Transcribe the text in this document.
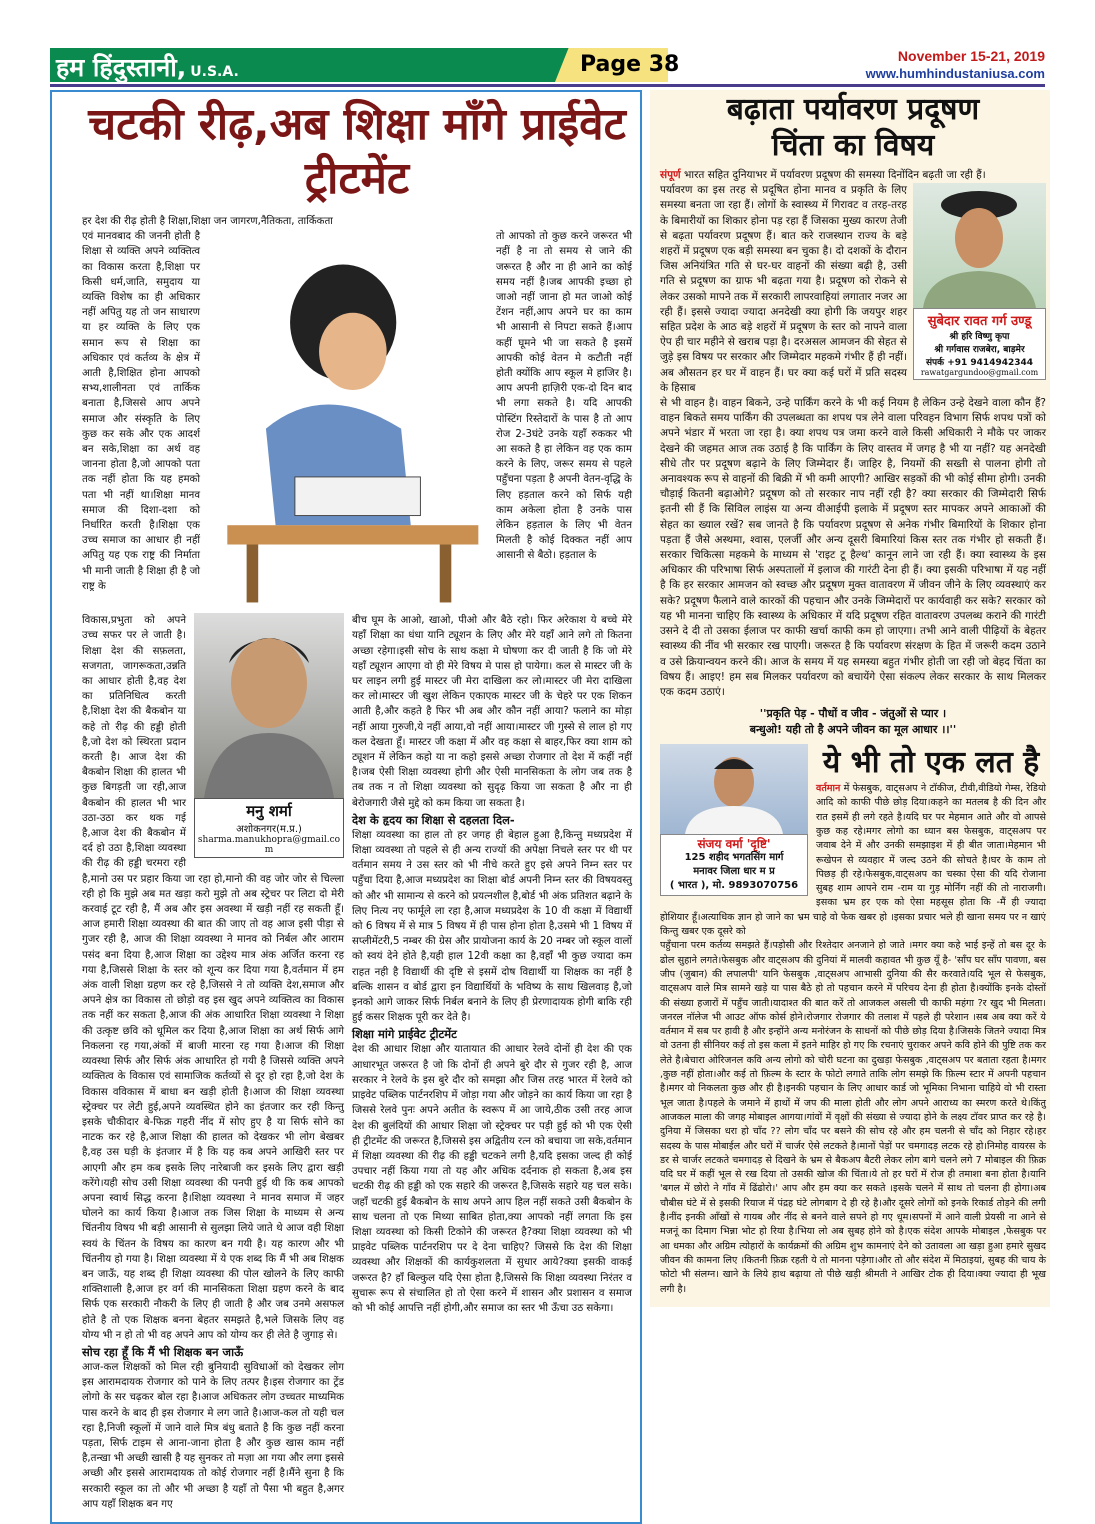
हम हिंदुस्तानी, U.S.A.	Page 38	November 15-21, 2019
www.humhindustaniusa.com
चटकी रीढ़,अब शिक्षा माँगे प्राईवेट ट्रीटमेंट
हर देश की रीढ़ होती है शिक्षा,शिक्षा जन जागरण,नैतिकता, तार्किकता
एवं मानवबाद की जननी होती है शिक्षा से व्यक्ति अपने व्यक्तित्व का विकास करता है,शिक्षा पर किसी धर्म,जाति, समुदाय या व्यक्ति विशेष का ही अधिकार नहीं अपितु यह तो जन साधारण या हर व्यक्ति के लिए एक समान रूप से शिक्षा का अधिकार एवं कर्तव्य के क्षेत्र में आती है,शिक्षित होना आपको सभ्य,शालीनता एवं तार्किक बनाता है,जिससे आप अपने समाज और संस्कृति के लिए कुछ कर सके और एक आदर्श बन सके,शिक्षा का अर्थ वह जानना होता है,जो आपको पता तक नहीं होता कि यह हमको पता भी नहीं था।शिक्षा मानव समाज की दिशा-दशा को निर्धारित करती है।शिक्षा एक उच्च समाज का आधार ही नहीं अपितु यह एक राष्ट्र की निर्माता भी मानी जाती है शिक्षा ही है जो राष्ट्र के
तो आपको तो कुछ करने जरूरत भी नहीं है ना तो समय से जाने की जरूरत है और ना ही आने का कोई समय नहीं है।जब आपकी इच्छा हो जाओ नहीं जाना हो मत जाओ कोई टेंशन नहीं,आप अपने घर का काम भी आसानी से निपटा सकते हैं।आप कहीं घूमने भी जा सकते है इसमें आपकी कोई वेतन मे कटौती नहीं होती क्योंकि आप स्कूल मे हाजिर है। आप अपनी हाज़िरी एक-दो दिन बाद भी लगा सकते है। यदि आपकी पोस्टिंग रिस्तेदारों के पास है तो आप रोज 2-3घंटे उनके यहाँ रुककर भी आ सकते है हा लेकिन वह एक काम करने के लिए, जरूर समय से पहले पहुँचना पड़ता है अपनी वेतन-वृद्धि के लिए हड़ताल करने को सिर्फ यही काम अकेला होता है उनके पास लेकिन हड़ताल के लिए भी वेतन मिलती है कोई दिक्कत नहीं आप आसानी से बैठो। हड़ताल के
मनु शर्मा
अशोकनगर(म.प्र.)
sharma.manukhopra@gmail.com
विकास,प्रभुता को अपने उच्च सफर पर ले जाती है।शिक्षा देश की सफ़लता, सजगता, जागरूकता,उन्नति का आधार होती है,वह देश का प्रतिनिधित्व करती है,शिक्षा देश की बैकबोन या कहे तो रीढ़ की हड्डी होती है,जो देश को स्थिरता प्रदान करती है। आज देश की बैकबोन शिक्षा की हालत भी कुछ बिगड़ती जा रही,आज बैकबोन की हालत भी भार उठा-उठा कर थक गई है,आज देश की बैकबोन में दर्द हो उठा है,शिक्षा व्यवस्था की रीढ़ की हड्डी चरमरा रही है,मानो उस पर प्रहार किया जा रहा हो,मानो की वह जोर जोर से चिल्ला रही हो कि मुझे अब मत खड़ा करो मुझे तो अब स्ट्रेचर पर लिटा दो मेरी करवाई टूट रही है, मैं अब और इस अवस्था में खड़ी नहीं रह सकती हूँ।आज हमारी शिक्षा व्यवस्था की बात की जाए तो वह आज इसी पीड़ा से गुजर रही है, आज की शिक्षा व्यवस्था ने मानव को निर्बल और आराम पसंद बना दिया है,आज शिक्षा का उद्देश्य मात्र अंक अर्जित करना रह गया है,जिससे शिक्षा के स्तर को शून्य कर दिया गया है,वर्तमान में हम अंक वाली शिक्षा ग्रहण कर रहे है,जिससे ने तो व्यक्ति देश,समाज और अपने क्षेत्र का विकास तो छोड़ो वह इस खुद अपने व्यक्तित्व का विकास तक नहीं कर सकता है,आज की अंक आधारित शिक्षा व्यवस्था ने शिक्षा की उत्कृष्ट छवि को धूमिल कर दिया है,आज शिक्षा का अर्थ सिर्फ आगे निकलना रह गया,अंकों में बाजी मारना रह गया है।आज की शिक्षा व्यवस्था सिर्फ और सिर्फ अंक आधारित हो गयी है जिससे व्यक्ति अपने व्यक्तित्व के विकास एवं सामाजिक कर्तव्यों से दूर हो रहा है,जो देश के विकास वविकास में बाधा बन खड़ी होती है।आज की शिक्षा व्यवस्था स्ट्रेक्चर पर लेटी हुई,अपने व्यवस्थित होने का इंतजार कर रही किन्तु इसके चौकीदार बे-फिक्र गहरी नींद में सोए हुए है या सिर्फ सोने का नाटक कर रहे है,आज शिक्षा की हालत को देखकर भी लोग बेखबर है,वह उस घड़ी के इंतजार में है कि यह कब अपने आखिरी स्तर पर आएगी और हम कब इसके लिए नारेबाजी कर इसके लिए द्वारा खड़ी करेंगे।यही सोच उसी शिक्षा व्यवस्था की पनपी हुई थी कि कब आपको अपना स्वार्थ सिद्ध करना है।शिक्षा व्यवस्था ने मानव समाज में जहर घोलने का कार्य किया है।आज तक जिस शिक्षा के माध्यम से अन्य चिंतनीय विषय भी बड़ी आसानी से सुलझा लिये जाते थे आज वही शिक्षा स्वयं के चिंतन के विषय का कारण बन गयी है। यह कारण और भी चिंतनीय हो गया है। शिक्षा व्यवस्था में ये एक शब्द कि मैं भी अब शिक्षक बन जाऊँ, यह शब्द ही शिक्षा व्यवस्था की पोल खोलने के लिए काफी शक्तिशाली है,आज हर वर्ग की मानसिकता शिक्षा ग्रहण करने के बाद सिर्फ एक सरकारी नौकरी के लिए ही जाती है और जब उनमे असफल होते है तो एक शिक्षक बनना बेहतर समझते है,भले जिसके लिए वह योग्य भी न हो तो भी वह अपने आप को योग्य कर ही लेते है जुगाड़ से।
सोच रहा हूँ कि मैं भी शिक्षक बन जाऊँ
आज-कल शिक्षकों को मिल रही बुनियादी सुविधाओं को देखकर लोग इस आरामदायक रोजगार को पाने के लिए तत्पर है।इस रोजगार का ट्रेंड लोगो के सर चढ़कर बोल रहा है।आज अधिकतर लोग उच्चतर माध्यमिक पास करने के बाद ही इस रोजगार मे लग जाते है।आज-कल तो यही चल रहा है,निजी स्कूलों में जाने वाले मित्र बंधु बताते है कि कुछ नहीं करना पड़ता, सिर्फ टाइम से आना-जाना होता है और कुछ खास काम नहीं है,तन्खा भी अच्छी खासी है यह सुनकर तो मज़ा आ गया और लगा इससे अच्छी और इससे आरामदायक तो कोई रोजगार नहीं है।मैंने सुना है कि सरकारी स्कूल का तो और भी अच्छा है यहाँ तो पैसा भी बहुत है,अगर आप यहाँ शिक्षक बन गए
बीच घूम के आओ, खाओ, पीओ और बैठे रहो। फिर अरेकाश ये बच्चे मेरे यहाँ शिक्षा का धंधा यानि ट्यूशन के लिए और मेरे यहाँ आने लगे तो कितना अच्छा रहेगा।इसी सोच के साथ कक्षा मे घोषणा कर दी जाती है कि जो मेरे यहाँ ट्यूशन आएगा वो ही मेरे विषय मे पास हो पायेगा। कल से मास्टर जी के घर लाइन लगी हुई मास्टर जी मेरा दाखिला कर लो।मास्टर जी मेरा दाखिला कर लो।मास्टर जी खुश लेकिन एकाएक मास्टर जी के चेहरे पर एक शिकन आती है,और कहते है फिर भी अब और कौन नहीं आया? फलाने का मोड़ा नहीं आया गुरुजी,ये नहीं आया,वो नहीं आया।मास्टर जी गुस्से से लाल हो गए कल देखता हूँ। मास्टर जी कक्षा में और वह कक्षा से बाहर,फिर क्या शाम को ट्यूशन में लेकिन कहो या ना कहो इससे अच्छा रोजगार तो देश में कहीं नहीं है।जब ऐसी शिक्षा व्यवस्था होगी और ऐसी मानसिकता के लोग जब तक है तब तक न तो शिक्षा व्यवस्था को सुदृढ़ किया जा सकता है और ना ही बेरोजगारी जैसे मुद्दे को कम किया जा सकता है।
देश के हृदय का शिक्षा से दहलता दिल-
शिक्षा व्यवस्था का हाल तो हर जगह ही बेहाल हुआ है,किन्तु मध्यप्रदेश में शिक्षा व्यवस्था तो पहले से ही अन्य राज्यों की अपेक्षा निचले स्तर पर थी पर वर्तमान समय ने उस स्तर को भी नीचे करते हुए इसे अपने निम्न स्तर पर पहुँचा दिया है,आज मध्यप्रदेश का शिक्षा बोर्ड अपनी निम्न स्तर की विषयवस्तु को और भी सामान्य से करने को प्रयत्नशील है,बोर्ड भी अंक प्रतिशत बढ़ाने के लिए नित्य नए फार्मूले ला रहा है,आज मध्यप्रदेश के 10 वी कक्षा में विद्यार्थी को 6 विषय में से मात्र 5 विषय में ही पास होना होता है,उसमे भी 1 विषय में सप्लीमेंटरी,5 नम्बर की ग्रेस और प्रायोजना कार्य के 20 नम्बर जो स्कूल वालों को स्वयं देने होते है,यही हाल 12वी कक्षा का है,वहाँ भी कुछ ज्यादा कम राहत नही है विद्यार्थी की दृष्टि से इसमें दोष विद्यार्थी या शिक्षक का नहीं है बल्कि शासन व बोर्ड द्वारा इन विद्यार्थियों के भविष्य के साथ खिलवाड़ है,जो इनको आगे जाकर सिर्फ निर्बल बनाने के लिए ही प्रेरणादायक होगी बाकि रही हुई कसर शिक्षक पूरी कर देते है।
शिक्षा मांगे प्राईवेट ट्रीटमेंट
देश की आधार शिक्षा और यातायात की आधार रेलवे दोनों ही देश की एक आधारभूत जरूरत है जो कि दोनों ही अपने बुरे दौर से गुजर रही है, आज सरकार ने रेलवे के इस बुरे दौर को समझा और जिस तरह भारत में रेलवे को प्राइवेट पब्लिक पार्टनरशिप में जोड़ा गया और जोड़ने का कार्य किया जा रहा है जिससे रेलवे पुनः अपने अतीत के स्वरूप में आ जाये,ठीक उसी तरह आज देश की बुलंदियों की आधार शिक्षा जो स्ट्रेक्चर पर पड़ी हुई को भी एक ऐसी ही ट्रीटमेंट की जरूरत है,जिससे इस अद्वितीय रत्न को बचाया जा सके,वर्तमान में शिक्षा व्यवस्था की रीढ़ की हड्डी चटकने लगी है,यदि इसका जल्द ही कोई उपचार नहीं किया गया तो यह और अधिक दर्दनाक हो सकता है,अब इस चटकी रीढ़ की हड्डी को एक सहारे की जरूरत है,जिसके सहारे यह चल सके।जहाँ चटकी हुई बैकबोन के साथ अपने आप हिल नहीं सकते उसी बैकबोन के साथ चलना तो एक मिथ्या साबित होता,क्या आपको नहीं लगता कि इस शिक्षा व्यवस्था को किसी टिकोने की जरूरत है?क्या शिक्षा व्यवस्था को भी प्राइवेट पब्लिक पार्टनरशिप पर दे देना चाहिए? जिससे कि देश की शिक्षा व्यवस्था और शिक्षकों की कार्यकुशलता में सुधार आये?क्या इसकी वाकई जरूरत है? हाँ बिल्कुल यदि ऐसा होता है,जिससे कि शिक्षा व्यवस्था निरंतर व सुचारू रूप से संचालित हो तो ऐसा करने में शासन और प्रशासन व समाज को भी कोई आपत्ति नहीं होगी,और समाज का स्तर भी ऊँचा उठ सकेगा।
बढ़ाता पर्यावरण प्रदूषण
चिंता का विषय
संपूर्ण भारत सहित दुनियाभर में पर्यावरण प्रदूषण की समस्या दिनोंदिन बढ़ती जा रही हैं।
सुबेदार रावत गर्ग उण्डू
श्री हरि विष्णु कृपा
श्री गर्गवास राजबेरा, बाड़मेर
संपर्क +91 9414942344
rawatgargundoo@gmail.com
पर्यावरण का इस तरह से प्रदूषित होना मानव व प्रकृति के लिए समस्या बनता जा रहा हैं। लोगों के स्वास्थ्य में गिरावट व तरह-तरह के बिमारीयों का शिकार होना पड़ रहा हैं जिसका मुख्य कारण तेजी से बढ़ता पर्यावरण प्रदूषण हैं। बात करे राजस्थान राज्य के बड़े शहरों में प्रदूषण एक बड़ी समस्या बन चुका है। दो दशकों के दौरान जिस अनियंत्रित गति से घर-घर वाहनों की संख्या बढ़ी है, उसी गति से प्रदूषण का ग्राफ भी बढ़ता गया है। प्रदूषण को रोकने से लेकर उसको मापने तक में सरकारी लापरवाहियां लगातार नजर आ रही हैं। इससे ज्यादा ज्यादा अनदेखी क्या होगी कि जयपुर शहर सहित प्रदेश के आठ बड़े शहरों में प्रदूषण के स्तर को नापने वाला ऐप ही चार महीने से खराब पड़ा है। दरअसल आमजन की सेहत से जुड़े इस विषय पर सरकार और जिम्मेदार महकमे गंभीर हैं ही नहीं। अब औसतन हर घर में वाहन हैं। घर क्या कई घरों में प्रति सदस्य के हिसाब
से भी वाहन है। वाहन बिकने, उन्हे पार्किंग करने के भी कई नियम है लेकिन उन्हे देखने वाला कौन हैं? वाहन बिकते समय पार्किंग की उपलब्धता का शपथ पत्र लेने वाला परिवहन विभाग सिर्फ शपथ पत्रों को अपने भंडार में भरता जा रहा है। क्या शपथ पत्र जमा करने वाले किसी अधिकारी ने मौके पर जाकर देखने की जहमत आज तक उठाई है कि पार्किंग के लिए वास्तव में जगह है भी या नहीं? यह अनदेखी सीधे तौर पर प्रदूषण बढ़ाने के लिए जिम्मेदार हैं। जाहिर है, नियमों की सख्ती से पालना होगी तो अनावश्यक रूप से वाहनों की बिक्री में भी कमी आएगी? आखिर सड़कों की भी कोई सीमा होगी। उनकी चौड़ाई कितनी बढ़ाओगे? प्रदूषण को तो सरकार नाप नहीं रही है? क्या सरकार की जिम्मेदारी सिर्फ इतनी सी हैं कि सिविल लाइंस या अन्य वीआईपी इलाके में प्रदूषण स्तर मापकर अपने आकाओं की सेहत का ख्याल रखें? सब जानते है कि पर्यावरण प्रदूषण से अनेक गंभीर बिमारियों के शिकार होना पड़ता हैं जैसे अस्थमा, श्वास, एलर्जी और अन्य दूसरी बिमारियां किस स्तर तक गंभीर हो सकती हैं। सरकार चिकित्सा महकमे के माध्यम से 'राइट टू हैल्थ' कानून लाने जा रही हैं। क्या स्वास्थ्य के इस अधिकार की परिभाषा सिर्फ अस्पतालों में इलाज की गारंटी देना ही हैं। क्या इसकी परिभाषा में यह नहीं है कि हर सरकार आमजन को स्वच्छ और प्रदूषण मुक्त वातावरण में जीवन जीने के लिए व्यवस्थाएं कर सके? प्रदूषण फैलाने वाले कारकों की पहचान और उनके जिम्मेदारों पर कार्यवाही कर सके? सरकार को यह भी मानना चाहिए कि स्वास्थ्य के अधिकार में यदि प्रदूषण रहित वातावरण उपलब्ध कराने की गारंटी उसने दे दी तो उसका ईलाज पर काफी खर्चा काफी कम हो जाएगा। तभी आने वाली पीढ़ियों के बेहतर स्वास्थ्य की नींव भी सरकार रख पाएगी। जरूरत है कि पर्यावरण संरक्षण के हित में जरूरी कदम उठाने व उसे क्रियान्वयन करने की। आज के समय में यह समस्या बहुत गंभीर होती जा रही जो बेहद चिंता का विषय हैं। आइए! हम सब मिलकर पर्यावरण को बचायेंगे ऐसा संकल्प लेकर सरकार के साथ मिलकर एक कदम उठाएं।
''प्रकृति पेड़ - पौधों व जीव - जंतुओं से प्यार ।
बन्धुओ! यही तो है अपने जीवन का मूल आधार ।।''
संजय वर्मा 'दृष्टि'
125 शहीद भगतसिंग मार्ग
मनावर जिला धार म प्र
( भारत ), मो. 9893070756
ये भी तो एक लत है
वर्तमान में फेसबुक, वाट्सअप ने टॉकीज, टीवी,वीडियो गेम्स, रेडियो आदि को काफी पीछे छोड़ दिया।कहने का मतलब है की दिन और रात इसमें ही लगे रहते है।यदि घर पर मेहमान आते और वो आपसे कुछ कह रहे।मगर लोगो का ध्यान बस फेसबुक, वाट्सअप पर जवाब देने में और उनकी समझाइश में ही बीत जाता।मेहमान भी रूखेपन से व्यवहार में जल्द उठने की सोचते है।घर के काम तो पिछड़ ही रहे।फेसबुक,वाट्सअप का चस्का ऐसा की यदि रोजाना सुबह शाम आपने राम -राम या गुड़ मोर्निंग नहीं की तो नाराजगी।इसका भ्रम हर एक को ऐसा महसूस होता कि -मैं ही ज्यादा होशियार हूँ।अत्याधिक ज्ञान हो जाने का भ्रम चाहे वो फेक खबर हो ।इसका प्रचार भले ही खाना समय पर न खाएं किन्तु खबर एक दूसरे को
पहुँचाना परम कर्तव्य समझते हैं।पड़ोसी और रिश्तेदार अनजाने हो जाते ।मगर क्या कहे भाई इन्हें तो बस दूर के ढोल सुहाने लगते।फेसबुक और वाट्सअप की दुनियां में मालवी कहावत भी कुछ यूँ है- 'साँप घर साँप पावणा, बस जीप (जुबान) की लपालपी' यानि फेसबुक ,वाट्सअप आभासी दुनिया की सैर करवाते।यदि भूल से फेसबुक, वाट्सअप वाले मित्र सामने खड़े या पास बैठे हो तो पहचान करने में परिचय देना ही होता है।क्योंकि इनके दोस्तों की संख्या हजारों में पहुँच जाती।यादाश्त की बात करें तो आजकल असली ची काफी महंगा ?र खुद भी मिलता। जनरल नॉलेज भी आउट ऑफ कोर्स होने।रोजगार रोजगार की तलाश में पहले ही परेशान ।सब अब क्या करें ये वर्तमान में सब पर हावी है और इन्होंने अन्य मनोरंजन के साधनों को पीछे छोड़ दिया है।जिसके जितने ज्यादा मित्र वो उतना ही सीनियर कई तो इस कला में इतने माहिर हो गए कि रचनाएं चुराकर अपने कवि होने की पुष्टि तक कर लेते है।बेचारा ओरिजनल कवि अन्य लोगो को चोरी घटना का दुखड़ा फेसबुक ,वाट्सअप पर बताता रहता है।मगर ,कुछ नहीं होता।और कई तो फ़िल्म के स्टार के फोटो लगाते ताकि लोग समझे कि फ़िल्म स्टार में अपनी पहचान है।मगर वो निकलता कुछ और ही है।इनकी पहचान के लिए आधार कार्ड जो भूमिका निभाना चाहिये वो भी रास्ता भूल जाता है।पहले के जमाने में हाथों में जप की माला होती और लोग अपने आराध्य का स्मरण करते थे।किंतु आजकल माला की जगह मोबाइल आगया।गांवों में वृक्षों की संख्या से ज्यादा होने के लक्ष्य टॉवर प्राप्त कर रहे है।दुनिया में जिसका धरा हो चाँद ?? लोग चाँद पर बसने की सोच रहे और हम चलनी से चाँद को निहार रहे।हर सदस्य के पास मोबाईल और घरों में चार्जर ऐसे लटकते है।मानों पेड़ों पर चमगादड़ लटक रहे हो।निमोह वायरस के डर से चार्जर लटकते चमगादड़ से दिखने के भ्रम से बैकअप बैटरी लेकर लोग बागे चलने लगे 7 मोबाइल की फ़िक्र यदि घर में कहीं भूल से रख दिया तो उसकी खोज की चिंता।ये तो हर घरों में रोज ही तमाशा बना होता है।यानि 'बगल में छोरो ने गाँव में ढिंढोरो।' आप और हम क्या कर सकते ।इसके चलने में साथ तो चलना ही होगा।अब चौबीस घंटे में से इसकी रियाज में पंद्रह घंटे लोगबाग दे ही रहे है।और दूसरे लोगों को इनके रिकार्ड तोड़ने की लगी है।नींद इनकी आँखों से गायब और नींद से बनने वाले सपने हो गए धूम।सपनों में आने वाली प्रेयसी ना आने से मजनूं का दिमाग भिन्ना भोट हो रिया है।भिया लो अब सुबह होने को है।एक संदेश आपके मोबाइल ,फेसबुक पर आ धमका और अग्रिम त्योहारों के कार्यक्रमों की अग्रिम शुभ कामनाएं देने को उतावला आ खड़ा हुआ हमारे सुखद जीवन की कामना लिए ।कितनी फ़िक्र रहती ये तो मानना पड़ेगा।और तो और संदेश में मिठाइयां, सुबह की चाय के फोटो भी संलग्न। खाने के लिये हाथ बढ़ाया तो पीछे खड़ी श्रीमती ने आखिर टोक ही दिया।क्या ज्यादा ही भूख लगी है।
